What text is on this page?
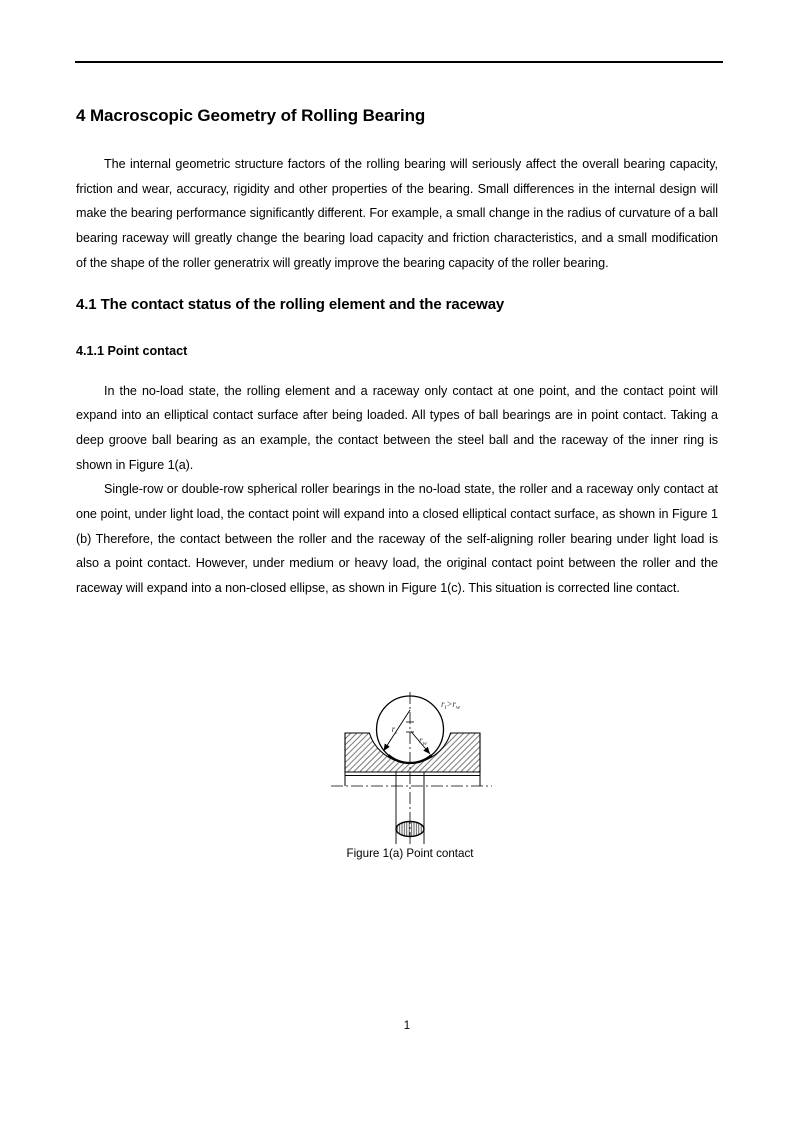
4 Macroscopic Geometry of Rolling Bearing

The internal geometric structure factors of the rolling bearing will seriously affect the overall bearing capacity, friction and wear, accuracy, rigidity and other properties of the bearing. Small differences in the internal design will make the bearing performance significantly different. For example, a small change in the radius of curvature of a ball bearing raceway will greatly change the bearing load capacity and friction characteristics, and a small modification of the shape of the roller generatrix will greatly improve the bearing capacity of the roller bearing.

4.1 The contact status of the rolling element and the raceway
4.1.1 Point contact

In the no-load state, the rolling element and a raceway only contact at one point, and the contact point will expand into an elliptical contact surface after being loaded. All types of ball bearings are in point contact. Taking a deep groove ball bearing as an example, the contact between the steel ball and the raceway of the inner ring is shown in Figure 1(a).

Single-row or double-row spherical roller bearings in the no-load state, the roller and a raceway only contact at one point, under light load, the contact point will expand into a closed elliptical contact surface, as shown in Figure 1 (b) Therefore, the contact between the roller and the raceway of the self-aligning roller bearing under light load is also a point contact. However, under medium or heavy load, the original contact point between the roller and the raceway will expand into a non-closed ellipse, as shown in Figure 1(c). This situation is corrected line contact.

$r_i$
$r_w$
$r_i>r_w$
Figure 1(a) Point contact
1
